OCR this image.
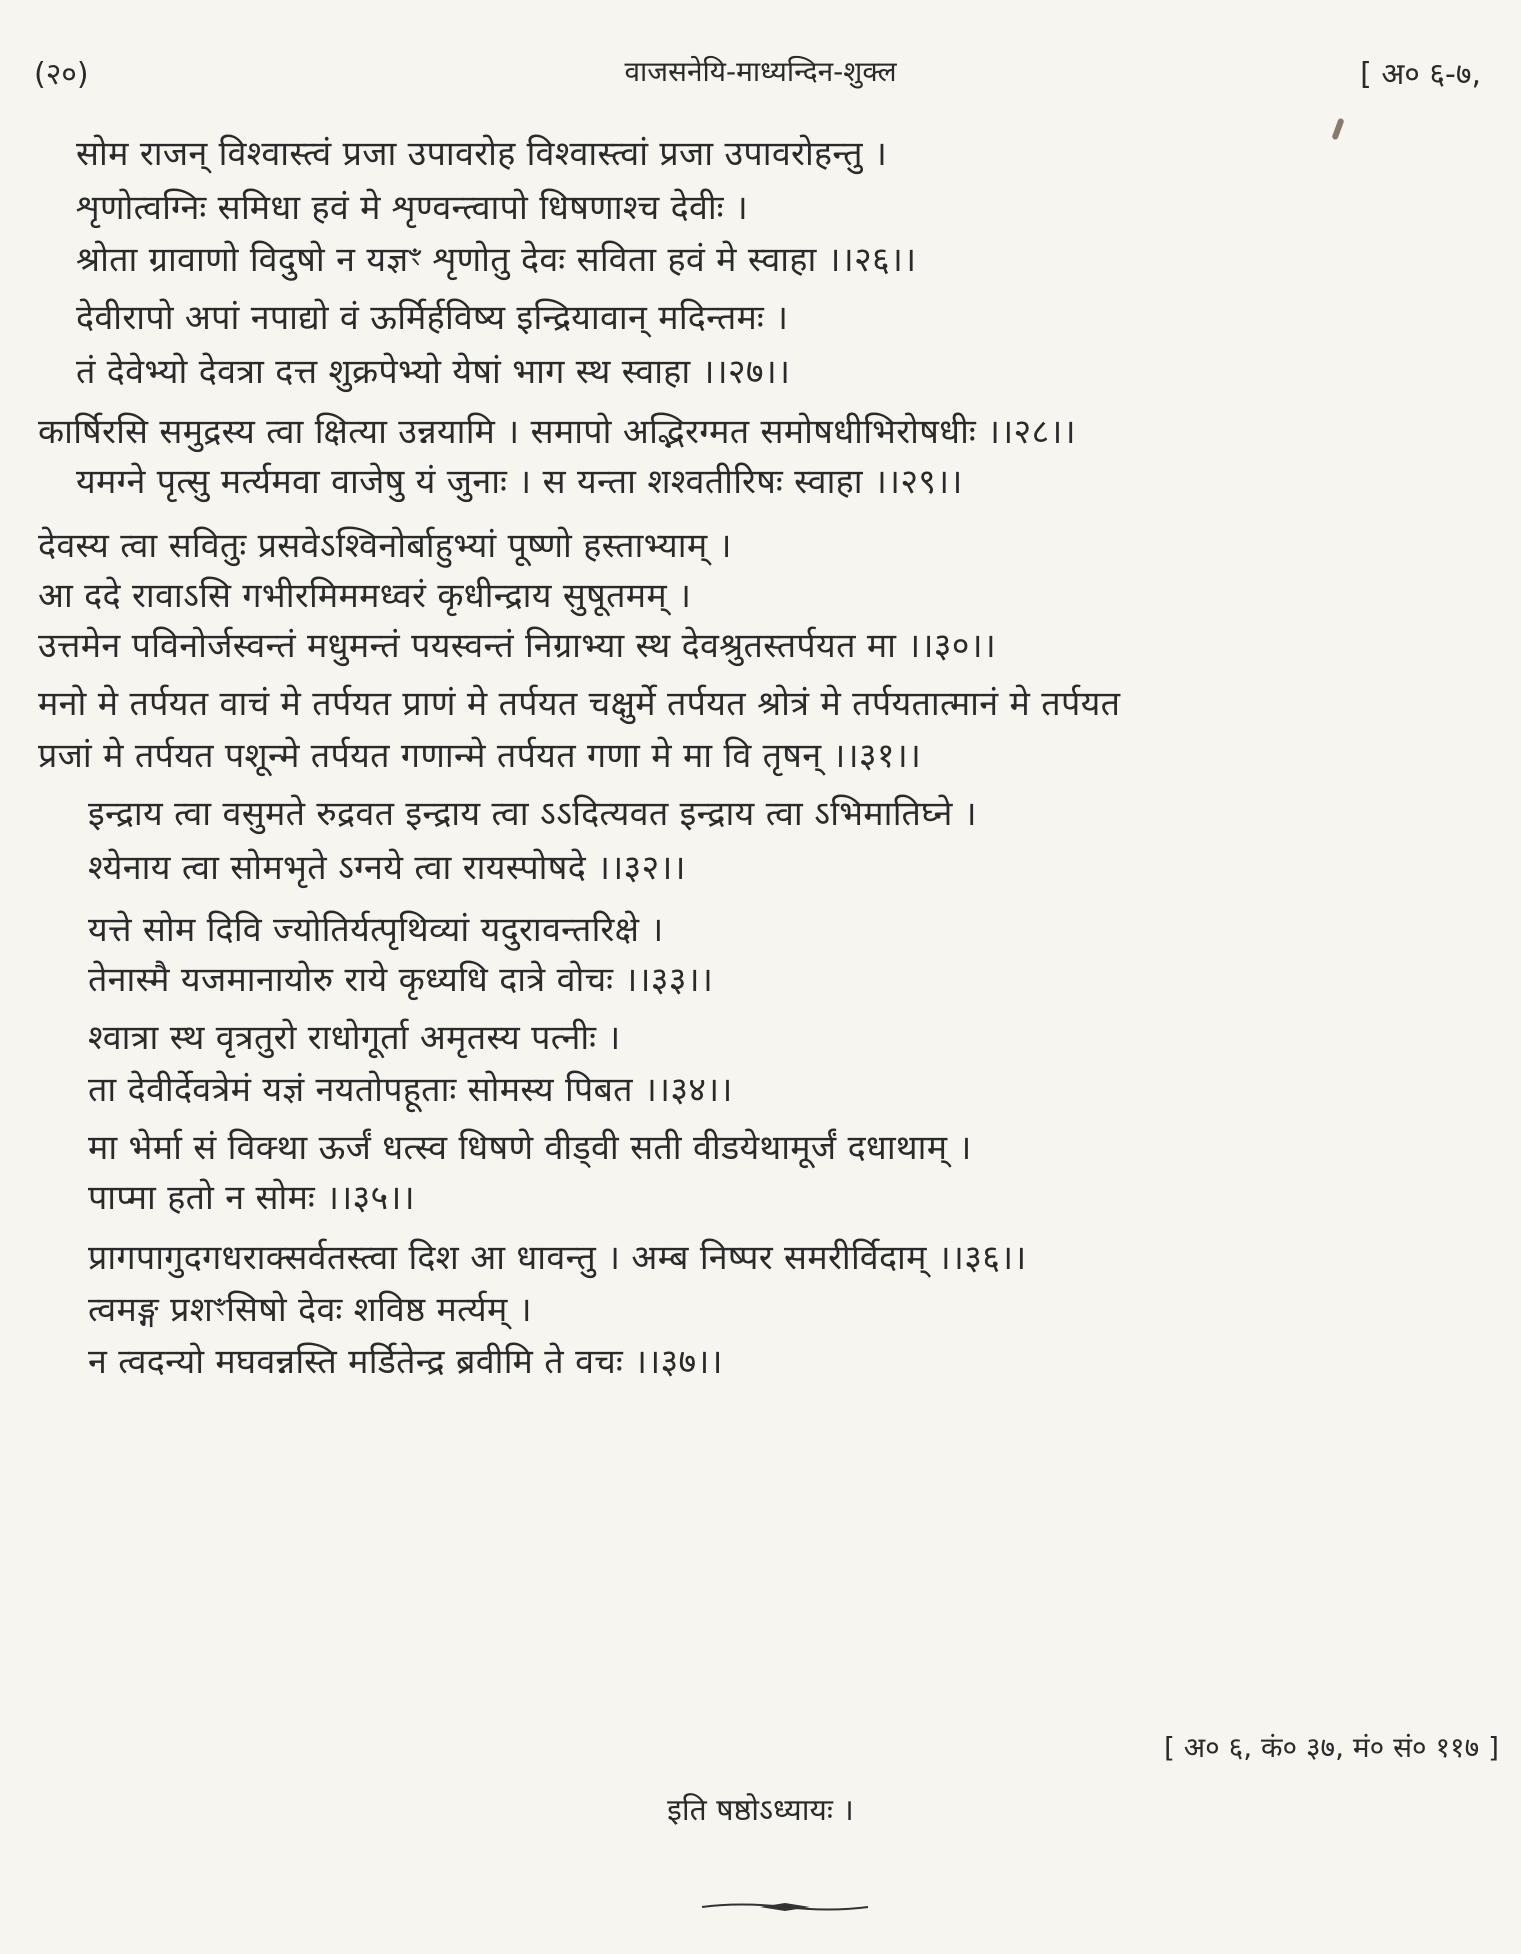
वाजसनेयि-माध्यन्दिन-शुक्ल
(२०)	[ अ० ६-७,
सोम राजन् विश्वास्त्वं प्रजा उपावरोह विश्वास्त्वां प्रजा उपावरोहन्तु ।
शृणोत्वग्निः समिधा हवं मे शृण्वन्त्वापो धिषणाश्च देवीः ।
श्रोता ग्रावाणो विदुषो न यज्ञꣳ शृणोतु देवः सविता हवं मे स्वाहा ।।२६।।
देवीरापो अपां नपाद्यो वं ऊर्मिर्हविष्य इन्द्रियावान् मदिन्तमः ।
तं देवेभ्यो देवत्रा दत्त शुक्रपेभ्यो येषां भाग स्थ स्वाहा ।।२७।।
कार्षिरसि समुद्रस्य त्वा क्षित्या उन्नयामि । समापो अद्भिरग्मत समोषधीभिरोषधीः ।।२८।।
यमग्ने पृत्सु मर्त्यमवा वाजेषु यं जुनाः । स यन्ता शश्वतीरिषः स्वाहा ।।२९।।
देवस्य त्वा सवितुः प्रसवेऽश्विनोर्बाहुभ्यां पूष्णो हस्ताभ्याम् ।
आ ददे रावाऽसि गभीरमिममध्वरं कृधीन्द्राय सुषूतमम् ।
उत्तमेन पविनोर्जस्वन्तं मधुमन्तं पयस्वन्तं निग्राभ्या स्थ देवश्रुतस्तर्पयत मा ।।३०।।
मनो मे तर्पयत वाचं मे तर्पयत प्राणं मे तर्पयत चक्षुर्मे तर्पयत श्रोत्रं मे तर्पयतात्मानं मे तर्पयत
प्रजां मे तर्पयत पशून्मे तर्पयत गणान्मे तर्पयत गणा मे मा वि तृषन् ।।३१।।
इन्द्राय त्वा वसुमते रुद्रवत इन्द्राय त्वा ऽऽदित्यवत इन्द्राय त्वा ऽभिमातिघ्ने ।
श्येनाय त्वा सोमभृते ऽग्नये त्वा रायस्पोषदे ।।३२।।
यत्ते सोम दिवि ज्योतिर्यत्पृथिव्यां यदुरावन्तरिक्षे ।
तेनास्मै यजमानायोरु राये कृध्यधि दात्रे वोचः ।।३३।।
श्वात्रा स्थ वृत्रतुरो राधोगूर्ता अमृतस्य पत्नीः ।
ता देवीर्देवत्रेमं यज्ञं नयतोपहूताः सोमस्य पिबत ।।३४।।
मा भेर्मा सं विक्था ऊर्जं धत्स्व धिषणे वीड्वी सती वीडयेथामूर्जं दधाथाम् ।
पाप्मा हतो न सोमः ।।३५।।
प्रागपागुदगधराक्सर्वतस्त्वा दिश आ धावन्तु । अम्ब निष्पर समरीर्विदाम् ।।३६।।
त्वमङ्ग प्रशꣳसिषो देवः शविष्ठ मर्त्यम् ।
न त्वदन्यो मघवन्नस्ति मर्डितेन्द्र ब्रवीमि ते वचः ।।३७।।
[ अ० ६, कं० ३७, मं० सं० ११७ ]
इति षष्ठोऽध्यायः ।
